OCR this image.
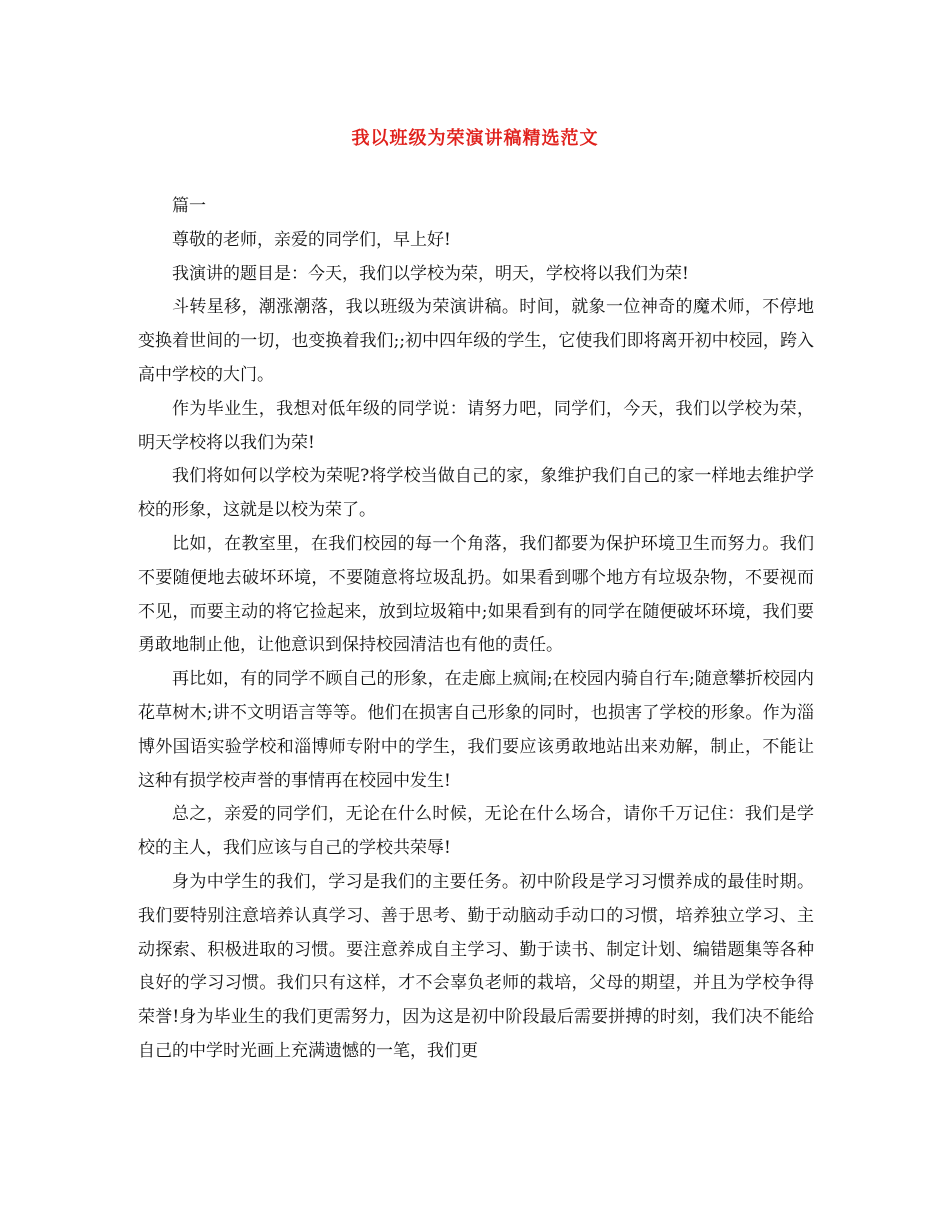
我以班级为荣演讲稿精选范文

篇一

尊敬的老师，亲爱的同学们，早上好!

我演讲的题目是：今天，我们以学校为荣，明天，学校将以我们为荣!

斗转星移，潮涨潮落，我以班级为荣演讲稿。时间，就象一位神奇的魔术师，不停地变换着世间的一切，也变换着我们;;初中四年级的学生，它使我们即将离开初中校园，跨入高中学校的大门。

作为毕业生，我想对低年级的同学说：请努力吧，同学们，今天，我们以学校为荣，明天学校将以我们为荣!

我们将如何以学校为荣呢?将学校当做自己的家，象维护我们自己的家一样地去维护学校的形象，这就是以校为荣了。

比如，在教室里，在我们校园的每一个角落，我们都要为保护环境卫生而努力。我们不要随便地去破坏环境，不要随意将垃圾乱扔。如果看到哪个地方有垃圾杂物，不要视而不见，而要主动的将它捡起来，放到垃圾箱中;如果看到有的同学在随便破坏环境，我们要勇敢地制止他，让他意识到保持校园清洁也有他的责任。

再比如，有的同学不顾自己的形象，在走廊上疯闹;在校园内骑自行车;随意攀折校园内花草树木;讲不文明语言等等。他们在损害自己形象的同时，也损害了学校的形象。作为淄博外国语实验学校和淄博师专附中的学生，我们要应该勇敢地站出来劝解，制止，不能让这种有损学校声誉的事情再在校园中发生!

总之，亲爱的同学们，无论在什么时候，无论在什么场合，请你千万记住：我们是学校的主人，我们应该与自己的学校共荣辱!

身为中学生的我们，学习是我们的主要任务。初中阶段是学习习惯养成的最佳时期。我们要特别注意培养认真学习、善于思考、勤于动脑动手动口的习惯，培养独立学习、主动探索、积极进取的习惯。要注意养成自主学习、勤于读书、制定计划、编错题集等各种良好的学习习惯。我们只有这样，才不会辜负老师的栽培，父母的期望，并且为学校争得荣誉!身为毕业生的我们更需努力，因为这是初中阶段最后需要拼搏的时刻，我们决不能给自己的中学时光画上充满遗憾的一笔，我们更
